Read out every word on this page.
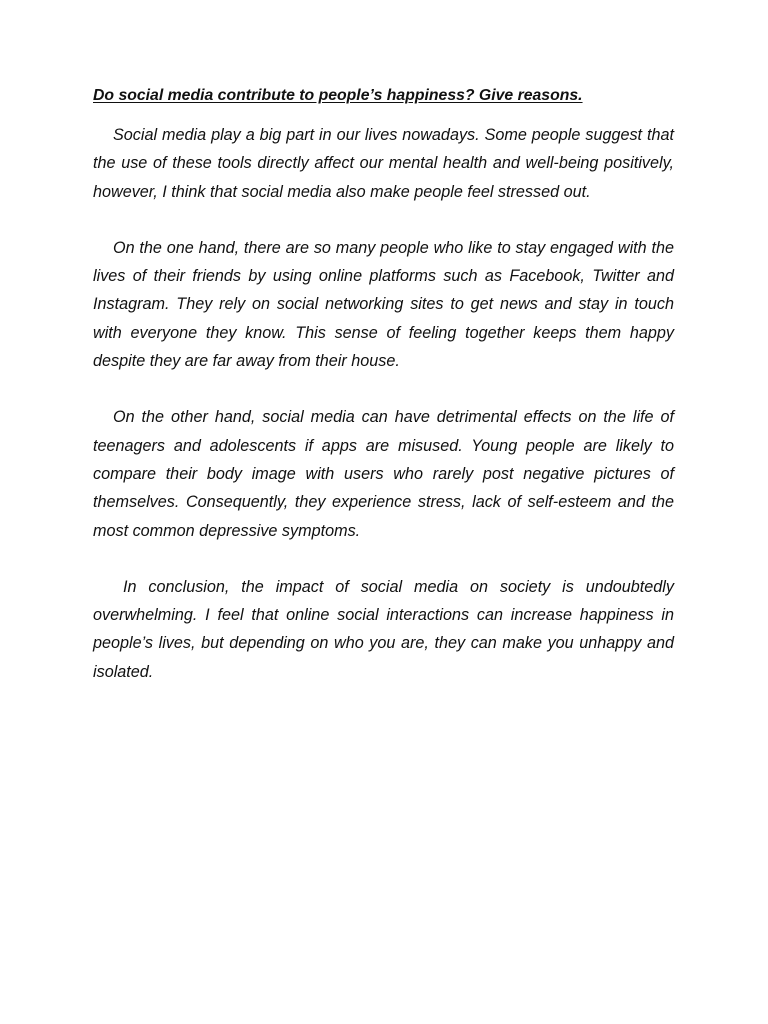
Do social media contribute to people’s happiness? Give reasons.

Social media play a big part in our lives nowadays. Some people suggest that the use of these tools directly affect our mental health and well-being positively, however, I think that social media also make people feel stressed out.

On the one hand, there are so many people who like to stay engaged with the lives of their friends by using online platforms such as Facebook, Twitter and Instagram. They rely on social networking sites to get news and stay in touch with everyone they know. This sense of feeling together keeps them happy despite they are far away from their house.

On the other hand, social media can have detrimental effects on the life of teenagers and adolescents if apps are misused. Young people are likely to compare their body image with users who rarely post negative pictures of themselves. Consequently, they experience stress, lack of self-esteem and the most common depressive symptoms.

In conclusion, the impact of social media on society is undoubtedly overwhelming. I feel that online social interactions can increase happiness in people’s lives, but depending on who you are, they can make you unhappy and isolated.
